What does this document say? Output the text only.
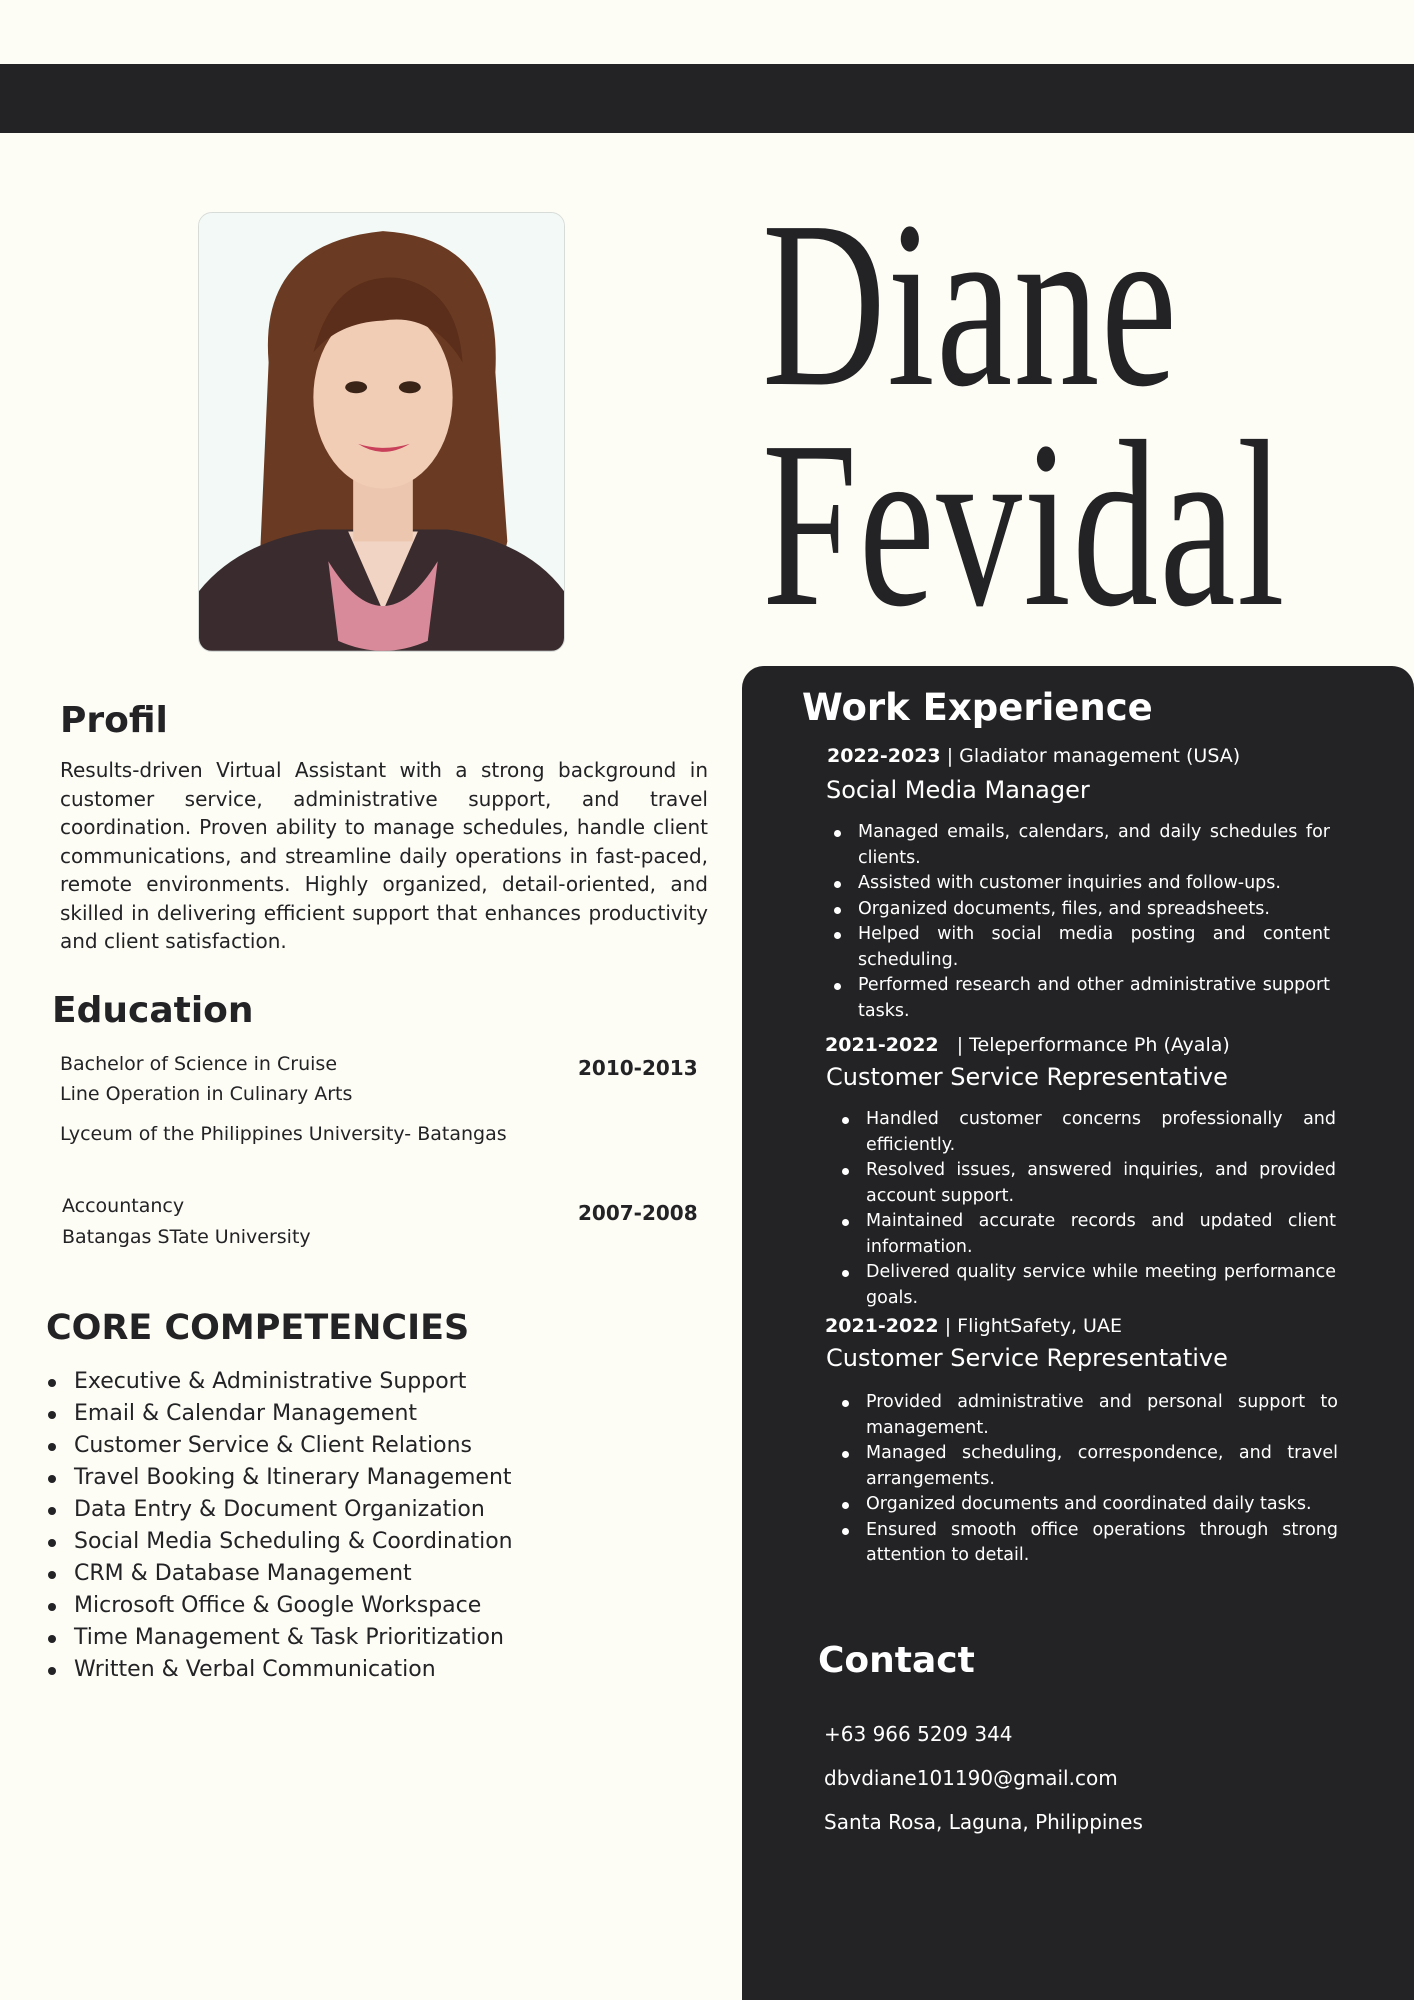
Diane
Fevidal
Profil
Results-driven Virtual Assistant with a strong background in customer service, administrative support, and travel coordination. Proven ability to manage schedules, handle client communications, and streamline daily operations in fast-paced, remote environments. Highly organized, detail-oriented, and skilled in delivering efficient support that enhances productivity and client satisfaction.
Education
Bachelor of Science in Cruise
Line Operation in Culinary Arts
Lyceum of the Philippines University- Batangas
2010-2013
Accountancy
Batangas STate University
2007-2008
CORE COMPETENCIES
Executive & Administrative Support
Email & Calendar Management
Customer Service & Client Relations
Travel Booking & Itinerary Management
Data Entry & Document Organization
Social Media Scheduling & Coordination
CRM & Database Management
Microsoft Office & Google Workspace
Time Management & Task Prioritization
Written & Verbal Communication
Work Experience
2022-2023 | Gladiator management (USA)
Social Media Manager
Managed emails, calendars, and daily schedules for clients.
Assisted with customer inquiries and follow-ups.
Organized documents, files, and spreadsheets.
Helped with social media posting and content scheduling.
Performed research and other administrative support tasks.
2021-2022 | Teleperformance Ph (Ayala)
Customer Service Representative
Handled customer concerns professionally and efficiently.
Resolved issues, answered inquiries, and provided account support.
Maintained accurate records and updated client information.
Delivered quality service while meeting performance goals.
2021-2022 | FlightSafety, UAE
Customer Service Representative
Provided administrative and personal support to management.
Managed scheduling, correspondence, and travel arrangements.
Organized documents and coordinated daily tasks.
Ensured smooth office operations through strong attention to detail.
Contact
+63 966 5209 344
dbvdiane101190@gmail.com
Santa Rosa, Laguna, Philippines
